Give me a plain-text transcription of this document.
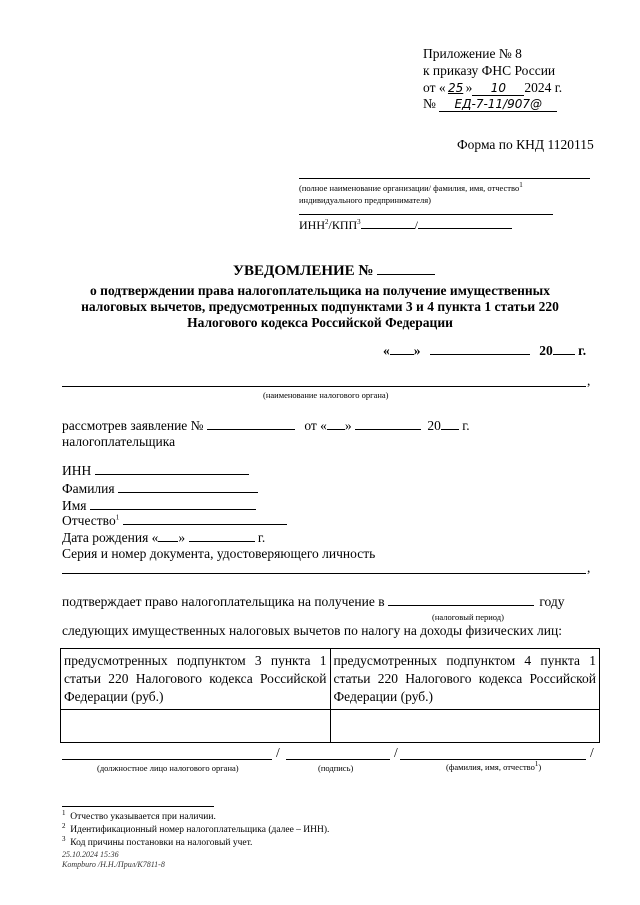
Приложение № 8
к приказу ФНС России
от « 25 » 10 2024 г.
№ ЕД-7-11/907@
Форма по КНД 1120115
(полное наименование организации/ фамилия, имя, отчество$^1$
индивидуального предпринимателя)
ИНН$^2$/КПП$^3$	/
УВЕДОМЛЕНИЕ №
о подтверждении права налогоплательщика на получение имущественных
налоговых вычетов, предусмотренных подпунктами 3 и 4 пункта 1 статьи 220
Налогового кодекса Российской Федерации
« »	20 г.
,
(наименование налогового органа)
рассмотрев заявление №	от « »	20 г.
налогоплательщика
ИНН
Фамилия
Имя
Отчество$^1$
Дата рождения « »	г.
Серия и номер документа, удостоверяющего личность
,
подтверждает право налогоплательщика на получение в	году
(налоговый период)
следующих имущественных налоговых вычетов по налогу на доходы физических лиц:
предусмотренных подпунктом 3 пункта 1 статьи 220 Налогового кодекса Российской Федерации (руб.)	предусмотренных подпунктом 4 пункта 1 статьи 220 Налогового кодекса Российской Федерации (руб.)

/	/	/
(должностное лицо налогового органа)	(подпись)	(фамилия, имя, отчество$^1$)
$^1$ Отчество указывается при наличии.
$^2$ Идентификационный номер налогоплательщика (далее – ИНН).
$^3$ Код причины постановки на налоговый учет.
25.10.2024 15:36
Kompburo /Н.Н./Прил/K7811-8
